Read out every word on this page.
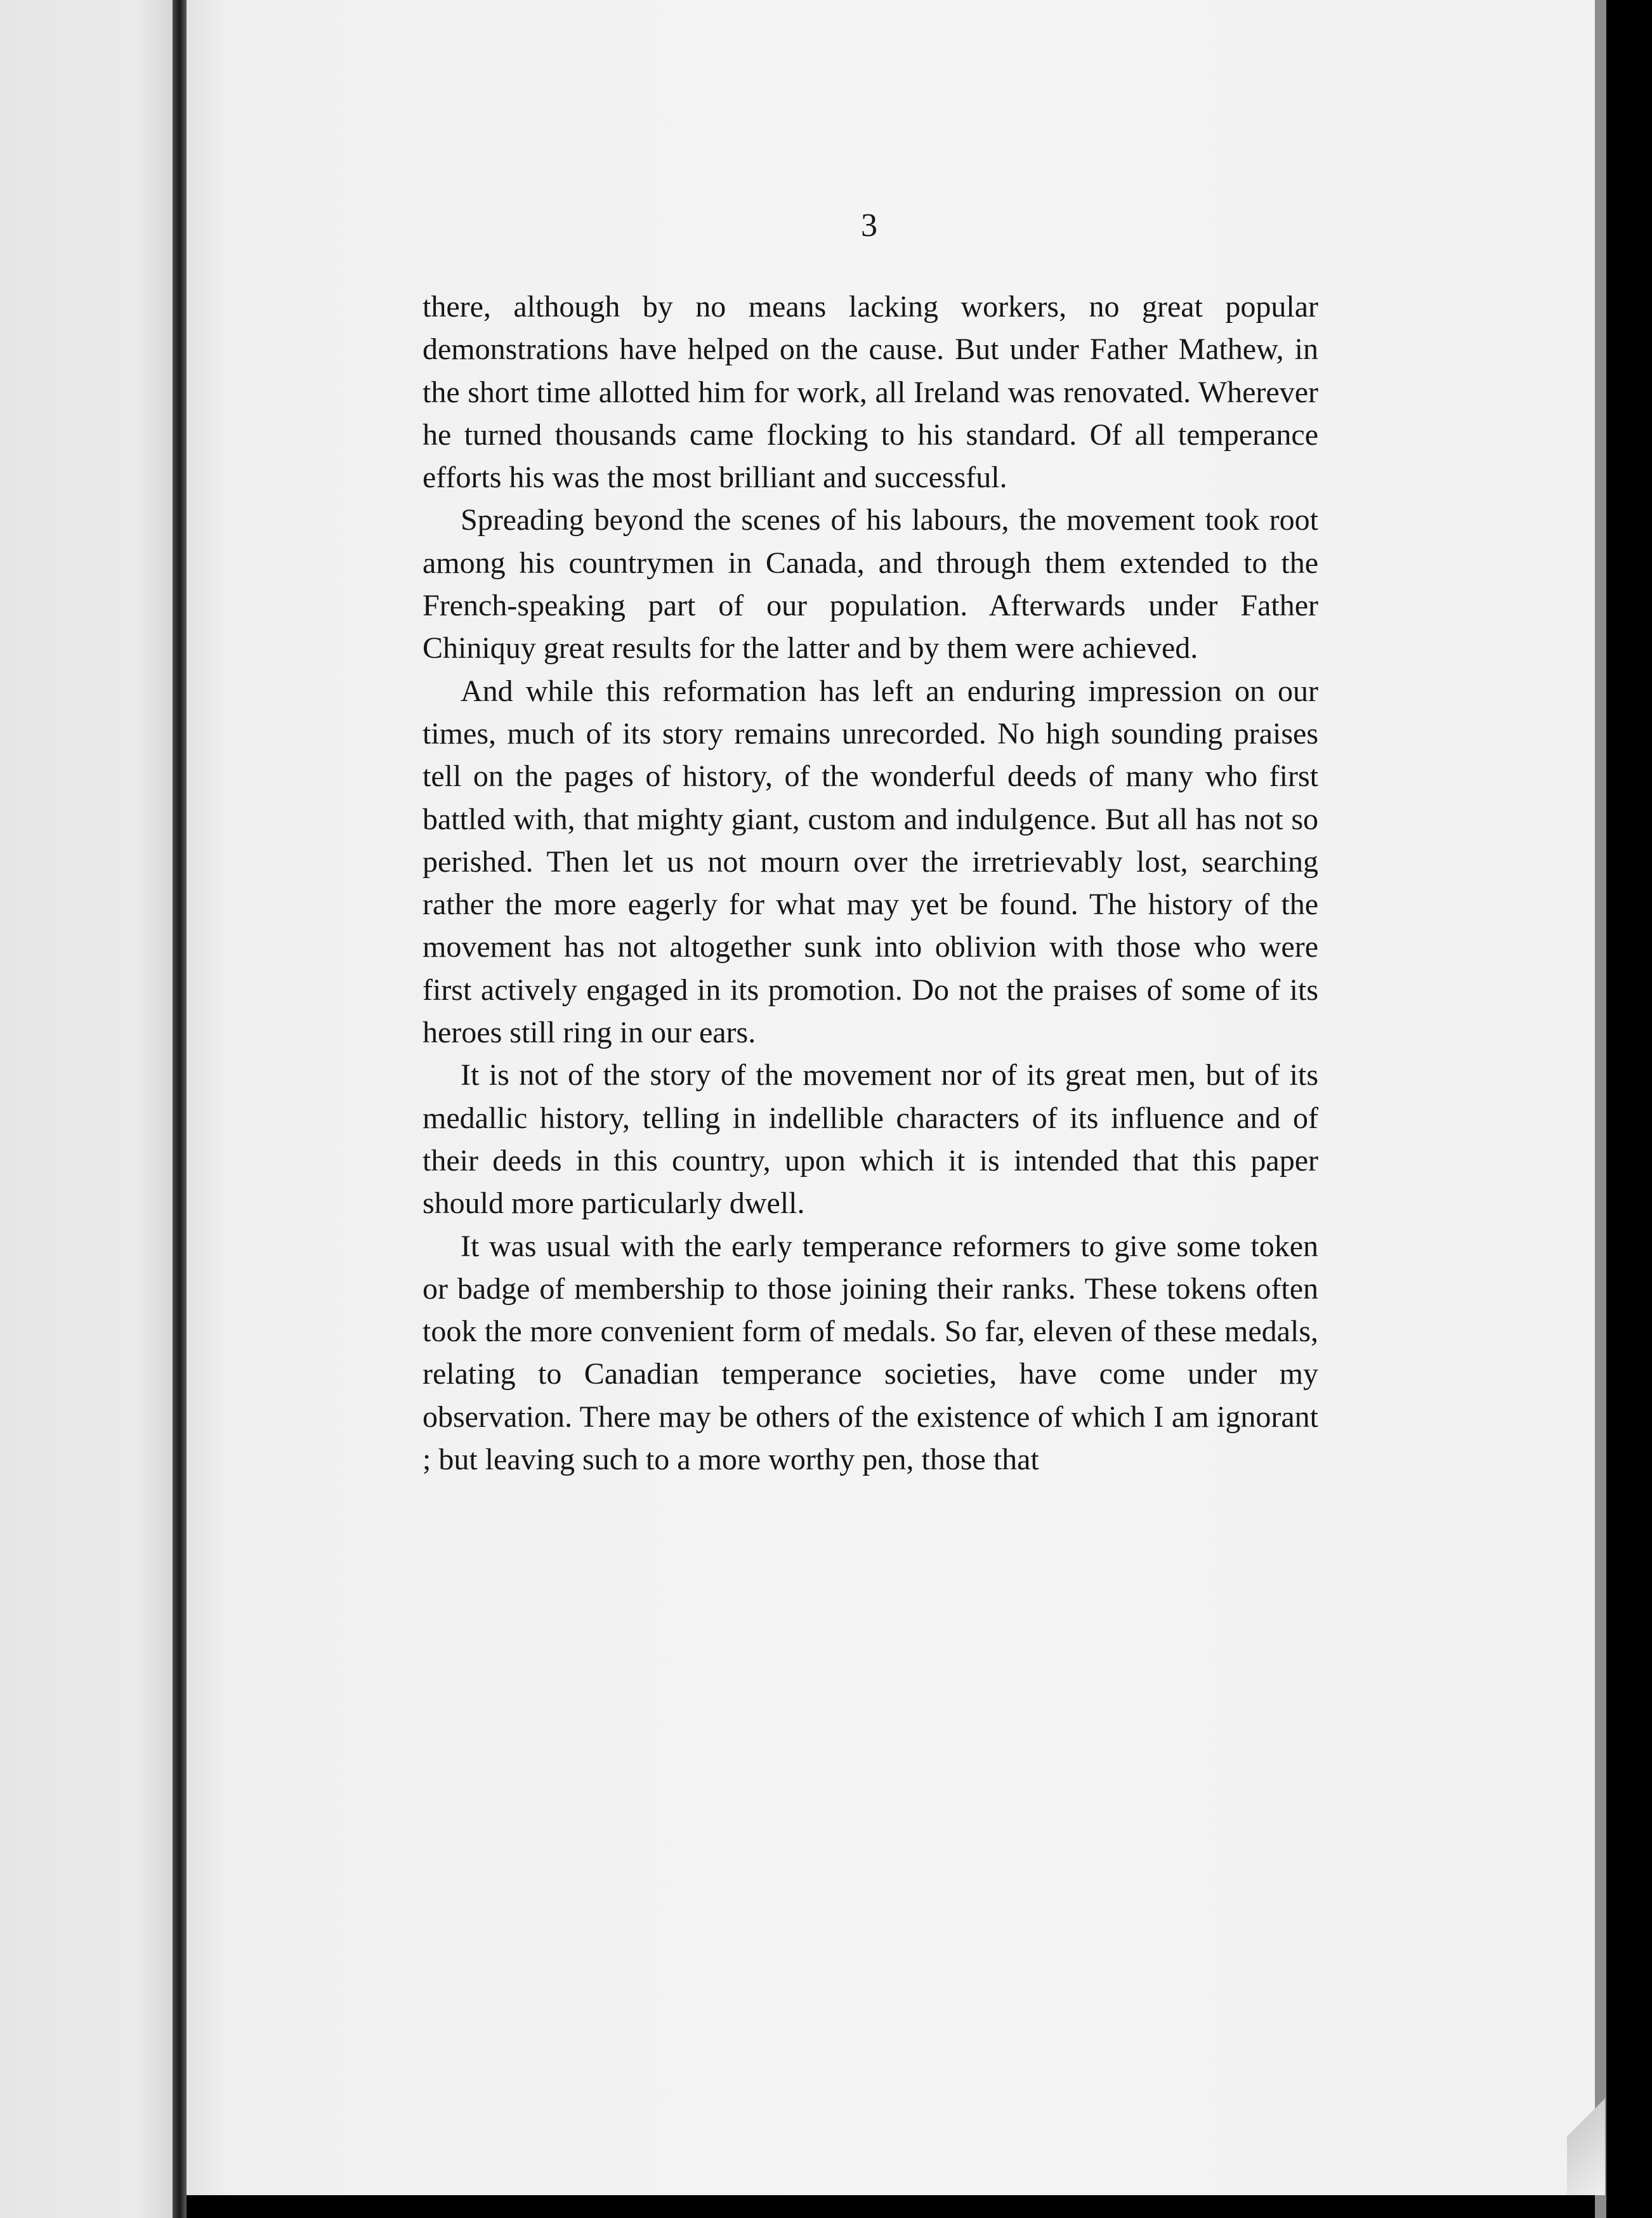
3

there, although by no means lacking workers, no great popular demonstrations have helped on the cause. But under Father Mathew, in the short time allotted him for work, all Ireland was renovated. Wherever he turned thousands came flocking to his standard. Of all temperance efforts his was the most brilliant and successful.

Spreading beyond the scenes of his labours, the movement took root among his countrymen in Canada, and through them extended to the French-speaking part of our population. Afterwards under Father Chiniquy great results for the latter and by them were achieved.

And while this reformation has left an enduring impression on our times, much of its story remains unrecorded. No high sounding praises tell on the pages of history, of the wonderful deeds of many who first battled with, that mighty giant, custom and indulgence. But all has not so perished. Then let us not mourn over the irretrievably lost, searching rather the more eagerly for what may yet be found. The history of the movement has not altogether sunk into oblivion with those who were first actively engaged in its promotion. Do not the praises of some of its heroes still ring in our ears.

It is not of the story of the movement nor of its great men, but of its medallic history, telling in indellible characters of its influence and of their deeds in this country, upon which it is intended that this paper should more particularly dwell.

It was usual with the early temperance reformers to give some token or badge of membership to those joining their ranks. These tokens often took the more convenient form of medals. So far, eleven of these medals, relating to Canadian temperance societies, have come under my observation. There may be others of the existence of which I am ignorant ; but leaving such to a more worthy pen, those that
